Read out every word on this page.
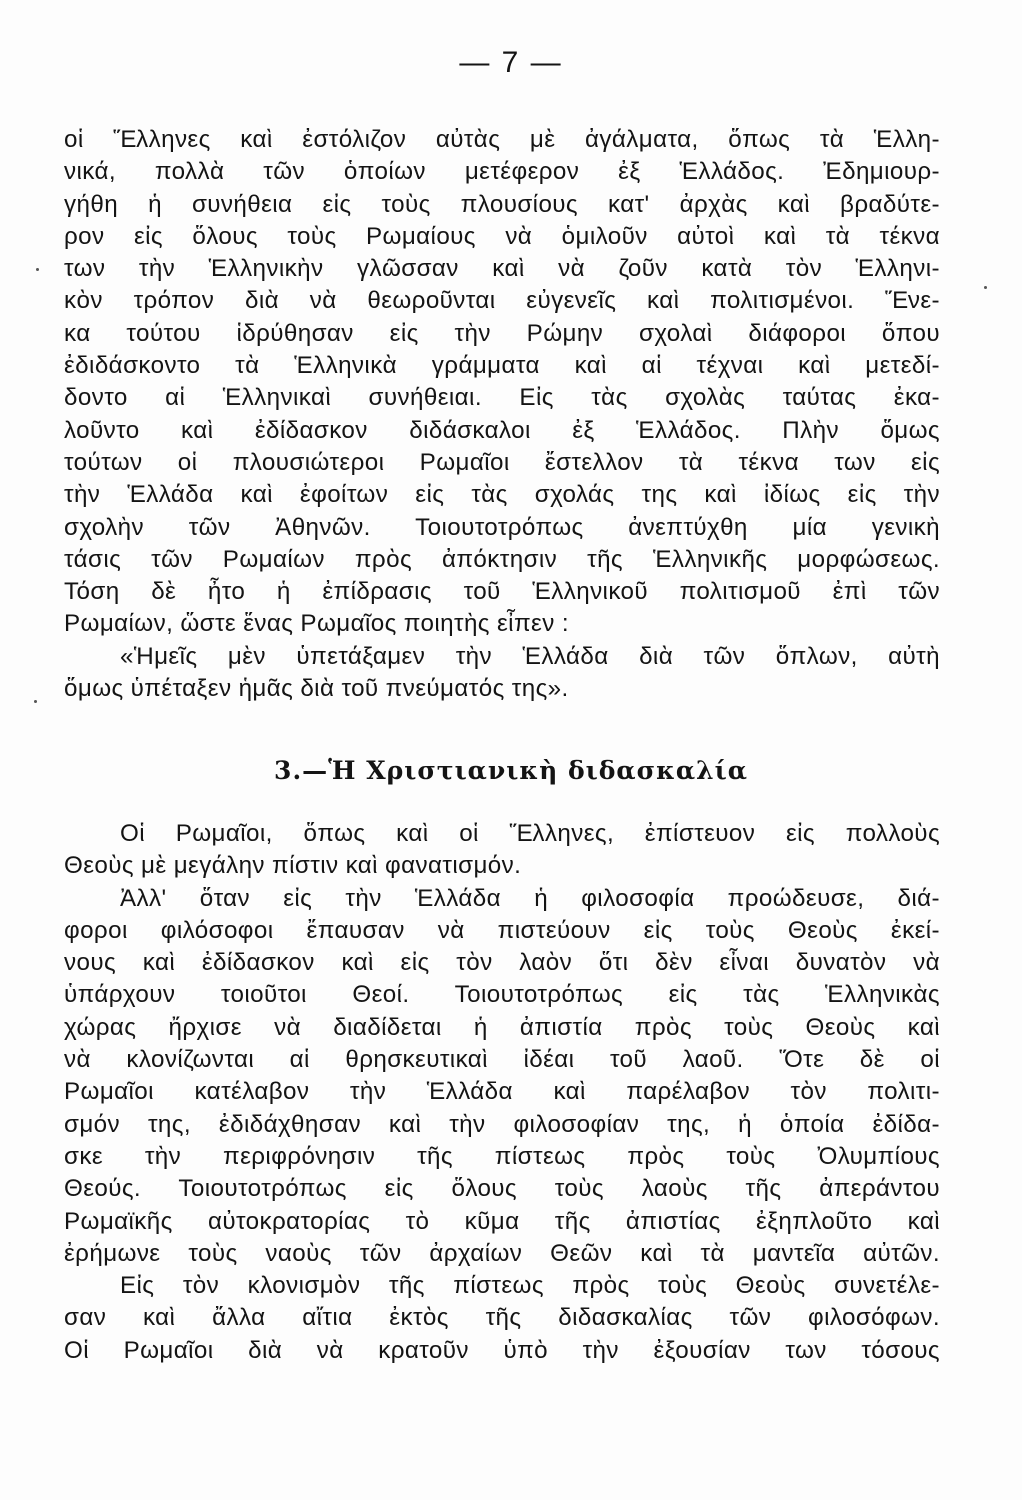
— 7 —
οἱ Ἕλληνες καὶ ἐστόλιζον αὐτὰς μὲ ἀγάλματα, ὅπως τὰ Ἑλλη-
νικά, πολλὰ τῶν ὁποίων μετέφερον ἐξ Ἑλλάδος. Ἐδημιουρ-
γήθη ἡ συνήθεια εἰς τοὺς πλουσίους κατ' ἀρχὰς καὶ βραδύτε-
ρον εἰς ὅλους τοὺς Ρωμαίους νὰ ὁμιλοῦν αὐτοὶ καὶ τὰ τέκνα
των τὴν Ἑλληνικὴν γλῶσσαν καὶ νὰ ζοῦν κατὰ τὸν Ἑλληνι-
κὸν τρόπον διὰ νὰ θεωροῦνται εὐγενεῖς καὶ πολιτισμένοι. Ἕνε-
κα τούτου ἱδρύθησαν εἰς τὴν Ρώμην σχολαὶ διάφοροι ὅπου
ἐδιδάσκοντο τὰ Ἑλληνικὰ γράμματα καὶ αἱ τέχναι καὶ μετεδί-
δοντο αἱ Ἑλληνικαὶ συνήθειαι. Εἰς τὰς σχολὰς ταύτας ἐκα-
λοῦντο καὶ ἐδίδασκον διδάσκαλοι ἐξ Ἑλλάδος. Πλὴν ὅμως
τούτων οἱ πλουσιώτεροι Ρωμαῖοι ἔστελλον τὰ τέκνα των εἰς
τὴν Ἑλλάδα καὶ ἐφοίτων εἰς τὰς σχολάς της καὶ ἰδίως εἰς τὴν
σχολὴν τῶν Ἀθηνῶν. Τοιουτοτρόπως ἀνεπτύχθη μία γενικὴ
τάσις τῶν Ρωμαίων πρὸς ἀπόκτησιν τῆς Ἑλληνικῆς μορφώσεως.
Τόση δὲ ἦτο ἡ ἐπίδρασις τοῦ Ἑλληνικοῦ πολιτισμοῦ ἐπὶ τῶν
Ρωμαίων, ὥστε ἕνας Ρωμαῖος ποιητὴς εἶπεν :
«Ἡμεῖς μὲν ὑπετάξαμεν τὴν Ἑλλάδα διὰ τῶν ὅπλων, αὐτὴ
ὅμως ὑπέταξεν ἡμᾶς διὰ τοῦ πνεύματός της».
3.—Ἡ Χριστιανικὴ διδασκαλία
Οἱ Ρωμαῖοι, ὅπως καὶ οἱ Ἕλληνες, ἐπίστευον εἰς πολλοὺς
Θεοὺς μὲ μεγάλην πίστιν καὶ φανατισμόν.
Ἀλλ' ὅταν εἰς τὴν Ἑλλάδα ἡ φιλοσοφία προώδευσε, διά-
φοροι φιλόσοφοι ἔπαυσαν νὰ πιστεύουν εἰς τοὺς Θεοὺς ἐκεί-
νους καὶ ἐδίδασκον καὶ εἰς τὸν λαὸν ὅτι δὲν εἶναι δυνατὸν νὰ
ὑπάρχουν τοιοῦτοι Θεοί. Τοιουτοτρόπως εἰς τὰς Ἑλληνικὰς
χώρας ἤρχισε νὰ διαδίδεται ἡ ἀπιστία πρὸς τοὺς Θεοὺς καὶ
νὰ κλονίζωνται αἱ θρησκευτικαὶ ἰδέαι τοῦ λαοῦ. Ὅτε δὲ οἱ
Ρωμαῖοι κατέλαβον τὴν Ἑλλάδα καὶ παρέλαβον τὸν πολιτι-
σμόν της, ἐδιδάχθησαν καὶ τὴν φιλοσοφίαν της, ἡ ὁποία ἐδίδα-
σκε τὴν περιφρόνησιν τῆς πίστεως πρὸς τοὺς Ὀλυμπίους
Θεούς. Τοιουτοτρόπως εἰς ὅλους τοὺς λαοὺς τῆς ἀπεράντου
Ρωμαϊκῆς αὐτοκρατορίας τὸ κῦμα τῆς ἀπιστίας ἐξηπλοῦτο καὶ
ἐρήμωνε τοὺς ναοὺς τῶν ἀρχαίων Θεῶν καὶ τὰ μαντεῖα αὐτῶν.
Εἰς τὸν κλονισμὸν τῆς πίστεως πρὸς τοὺς Θεοὺς συνετέλε-
σαν καὶ ἄλλα αἴτια ἐκτὸς τῆς διδασκαλίας τῶν φιλοσόφων.
Οἱ Ρωμαῖοι διὰ νὰ κρατοῦν ὑπὸ τὴν ἐξουσίαν των τόσους
